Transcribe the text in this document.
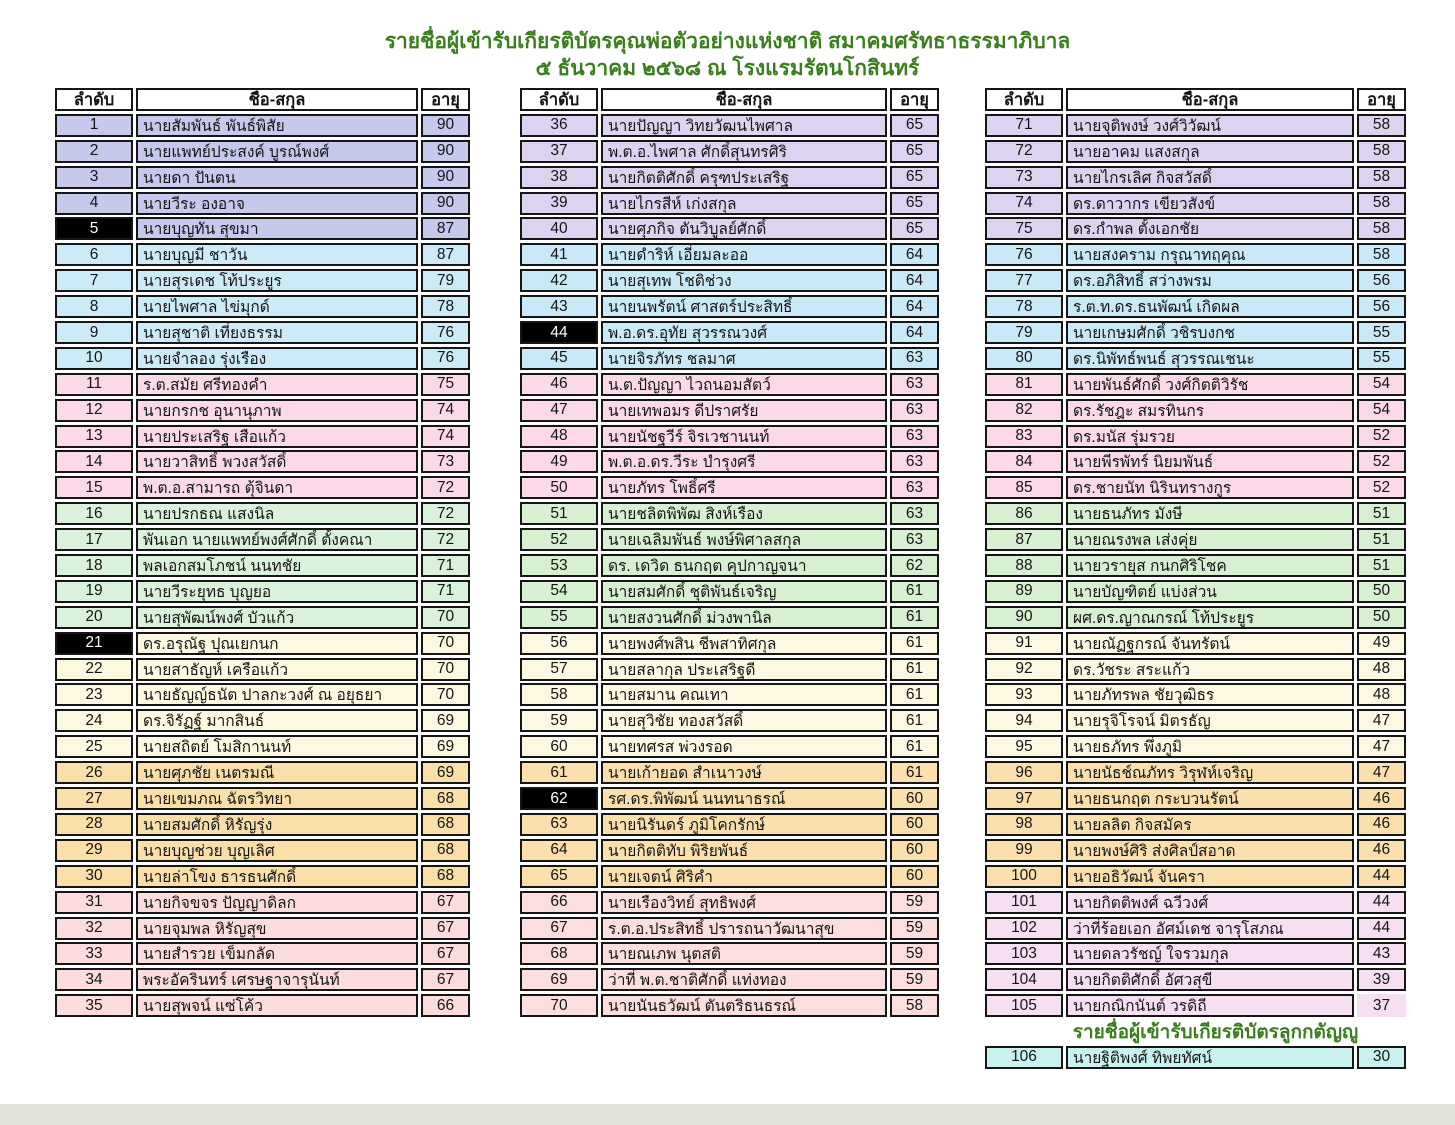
รายชื่อผู้เข้ารับเกียรติบัตรคุณพ่อตัวอย่างแห่งชาติ สมาคมศรัทธาธรรมาภิบาล
๕ ธันวาคม ๒๕๖๘ ณ โรงแรมรัตนโกสินทร์
ลำดับ	ชื่อ-สกุล	อายุ
1	นายสัมพันธ์ พันธ์พิสัย	90
2	นายแพทย์ประสงค์ บูรณ์พงศ์	90
3	นายดา ปันตน	90
4	นายวีระ องอาจ	90
5	นายบุญทัน สุขมา	87
6	นายบุญมี ชาวัน	87
7	นายสุรเดช โท้ประยูร	79
8	นายไพศาล ไข่มุกด์	78
9	นายสุชาติ เที่ยงธรรม	76
10	นายจำลอง รุ่งเรือง	76
11	ร.ต.สมัย ศรีทองคำ	75
12	นายกรกช อุนานุภาพ	74
13	นายประเสริฐ เสือแก้ว	74
14	นายวาสิทธิ์ พวงสวัสดิ์	73
15	พ.ต.อ.สามารถ ตุ้จินดา	72
16	นายปรกธณ แสงนิล	72
17	พันเอก นายแพทย์พงศ์ศักดิ์ ตั้งคณา	72
18	พลเอกสมโภชน์ นนทชัย	71
19	นายวีระยุทธ บุญยอ	71
20	นายสุพัฒน์พงศ์ บัวแก้ว	70
21	ดร.อรุณัฐ ปุณเยกนก	70
22	นายสาธัญห์ เครือแก้ว	70
23	นายธัญญ์ธนัต ปาลกะวงศ์ ณ อยุธยา	70
24	ดร.จิรัฏฐ์ มากสินธ์	69
25	นายสถิตย์ โมสิกานนท์	69
26	นายศุภชัย เนตรมณี	69
27	นายเขมภณ ฉัตรวิทยา	68
28	นายสมศักดิ์ หิรัญรุ่ง	68
29	นายบุญช่วย บุญเลิศ	68
30	นายล่าโขง ธารธนศักดิ์	68
31	นายกิจขจร ปัญญาดิลก	67
32	นายจุมพล หิรัญสุข	67
33	นายสำรวย เข็มกลัด	67
34	พระอัครินทร์ เศรษฐาจารุนันท์	67
35	นายสุพจน์ แซ่โค้ว	66
ลำดับ	ชื่อ-สกุล	อายุ
36	นายปัญญา วิทยวัฒนไพศาล	65
37	พ.ต.อ.ไพศาล ศักดิ์สุนทรศิริ	65
38	นายกิตติศักดิ์ ครุฑประเสริฐ	65
39	นายไกรสีห์ เก่งสกุล	65
40	นายศุภกิจ ตันวิบูลย์ศักดิ์	65
41	นายดำริห์ เอี่ยมละออ	64
42	นายสุเทพ โชติช่วง	64
43	นายนพรัตน์ ศาสตร์ประสิทธิ์	64
44	พ.อ.ดร.อุทัย สุวรรณวงศ์	64
45	นายจิรภัทร ชลมาศ	63
46	น.ต.ปัญญา ไวถนอมสัตว์	63
47	นายเทพอมร ดีปราศรัย	63
48	นายนัชฐวีร์ จิรเวชานนท์	63
49	พ.ต.อ.ดร.วีระ บำรุงศรี	63
50	นายภัทร โพธิ์ศรี	63
51	นายชลิตพิพัฒ สิงห์เรือง	63
52	นายเฉลิมพันธ์ พงษ์พิศาลสกุล	63
53	ดร. เดวิด ธนกฤต คุปกาญจนา	62
54	นายสมศักดิ์ ชุติพันธ์เจริญ	61
55	นายสงวนศักดิ์ ม่วงพานิล	61
56	นายพงศ์พสิน ชีพสาทิศกุล	61
57	นายสลากุล ประเสริฐดี	61
58	นายสมาน คณเทา	61
59	นายสุวิชัย ทองสวัสดิ์	61
60	นายทศรส พ่วงรอด	61
61	นายเก้ายอด สำเนาวงษ์	61
62	รศ.ดร.พิพัฒน์ นนทนาธรณ์	60
63	นายนิรันดร์ ภูมิโคกรักษ์	60
64	นายกิตติทับ พิริยพันธ์	60
65	นายเจตน์ ศิริคำ	60
66	นายเรืองวิทย์ สุทธิพงศ์	59
67	ร.ต.อ.ประสิทธิ์ ปรารถนาวัฒนาสุข	59
68	นายณเภพ นุตสติ	59
69	ว่าที่ พ.ต.ชาติศักดิ์ แท่งทอง	59
70	นายนันธวัฒน์ ตันตริธนธรณ์	58
ลำดับ	ชื่อ-สกุล	อายุ
71	นายจุติพงษ์ วงศ์วิวัฒน์	58
72	นายอาคม แสงสกุล	58
73	นายไกรเลิศ กิจสวัสดิ์	58
74	ดร.ดาวากร เขียวสังข์	58
75	ดร.กำพล ตั้งเอกชัย	58
76	นายสงคราม กรุณาทฤคุณ	58
77	ดร.อภิสิทธิ์ สว่างพรม	56
78	ร.ต.ท.ดร.ธนพัฒน์ เกิดผล	56
79	นายเกษมศักดิ์ วชิรบงกช	55
80	ดร.นิพัทธ์พนธ์ สุวรรณเชนะ	55
81	นายพันธ์ศักดิ์ วงศ์กิตติวิรัช	54
82	ดร.รัชฎะ สมรทินกร	54
83	ดร.มนัส รุ่มรวย	52
84	นายพีรพัทร์ นิยมพันธ์	52
85	ดร.ชายนัท นิรินทรางกูร	52
86	นายธนภัทร มังษี	51
87	นายณรงพล เส่งคุ่ย	51
88	นายวรายุส กนกศิริโชค	51
89	นายบัญฑิตย์ แบ่งส่วน	50
90	ผศ.ดร.ญาณกรณ์ โท้ประยูร	50
91	นายณัฏฐกรณ์ จันทรัตน์	49
92	ดร.วัชระ สระแก้ว	48
93	นายภัทรพล ชัยวุฒิธร	48
94	นายรุจิโรจน์ มิตรธัญ	47
95	นายธภัทร พึ่งภูมิ	47
96	นายนัธช์ณภัทร วิรุฬห์เจริญ	47
97	นายธนกฤต กระบวนรัตน์	46
98	นายลลิต กิจสมัคร	46
99	นายพงษ์ศิริ ส่งศิลป์สอาด	46
100	นายอธิวัฒน์ จันครา	44
101	นายกิตติพงศ์ ฉวีวงศ์	44
102	ว่าที่ร้อยเอก อัศม์เดช จารุโสภณ	44
103	นายดลวรัชญ์ ใจรวมกุล	43
104	นายกิตติศักดิ์ อัศวสุขี	39
105	นายกณิกนันต์ วรดิถี	37
รายชื่อผู้เข้ารับเกียรติบัตรลูกกตัญญู
106	นายฐิติพงศ์ ทิพยทัศน์	30
